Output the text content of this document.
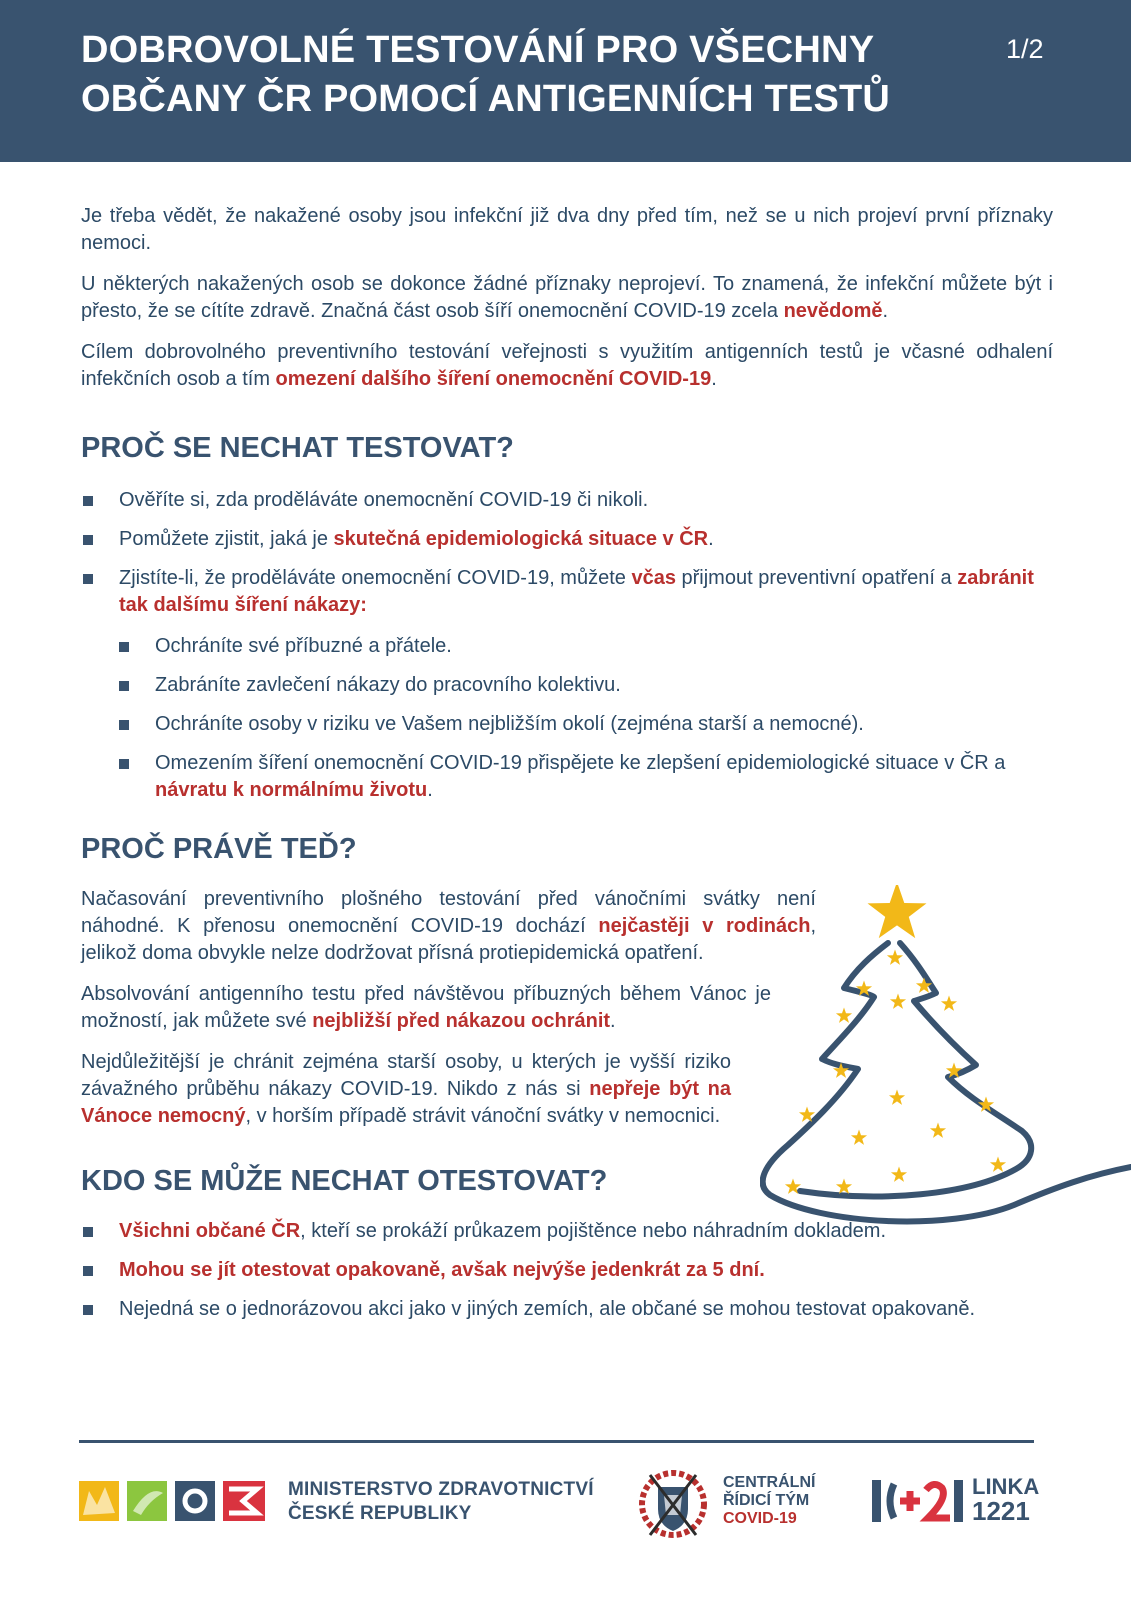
DOBROVOLNÉ TESTOVÁNÍ PRO VŠECHNY
OBČANY ČR POMOCÍ ANTIGENNÍCH TESTŮ
1/2

Je třeba vědět, že nakažené osoby jsou infekční již dva dny před tím, než se u nich projeví první příznaky nemoci.

U některých nakažených osob se dokonce žádné příznaky neprojeví. To znamená, že infekční můžete být i přesto, že se cítíte zdravě. Značná část osob šíří onemocnění COVID-19 zcela nevědomě.

Cílem dobrovolného preventivního testování veřejnosti s využitím antigenních testů je včasné odhalení infekčních osob a tím omezení dalšího šíření onemocnění COVID-19.

PROČ SE NECHAT TESTOVAT?
Ověříte si, zda proděláváte onemocnění COVID-19 či nikoli.
Pomůžete zjistit, jaká je skutečná epidemiologická situace v ČR.
Zjistíte-li, že proděláváte onemocnění COVID-19, můžete včas přijmout preventivní opatření a zabránit tak dalšímu šíření nákazy:
Ochráníte své příbuzné a přátele.
Zabráníte zavlečení nákazy do pracovního kolektivu.
Ochráníte osoby v riziku ve Vašem nejbližším okolí (zejména starší a nemocné).
Omezením šíření onemocnění COVID-19 přispějete ke zlepšení epidemiologické situace v ČR a návratu k normálnímu životu.
PROČ PRÁVĚ TEĎ?

Načasování preventivního plošného testování před vánočními svátky není náhodné. K přenosu onemocnění COVID-19 dochází nejčastěji v rodinách, jelikož doma obvykle nelze dodržovat přísná protiepidemická opatření.

Absolvování antigenního testu před návštěvou příbuzných během Vánoc je možností, jak můžete své nejbližší před nákazou ochránit.

Nejdůležitější je chránit zejména starší osoby, u kterých je vyšší riziko závažného průběhu nákazy COVID-19. Nikdo z nás si nepřeje být na Vánoce nemocný, v horším případě strávit vánoční svátky v nemocnici.

KDO SE MŮŽE NECHAT OTESTOVAT?
Všichni občané ČR, kteří se prokáží průkazem pojištěnce nebo náhradním dokladem.
Mohou se jít otestovat opakovaně, avšak nejvýše jedenkrát za 5 dní.
Nejedná se o jednorázovou akci jako v jiných zemích, ale občané se mohou testovat opakovaně.
MINISTERSTVO ZDRAVOTNICTVÍ
ČESKÉ REPUBLIKY
CENTRÁLNÍ
ŘÍDICÍ TÝM
COVID-19
LINKA
1221
